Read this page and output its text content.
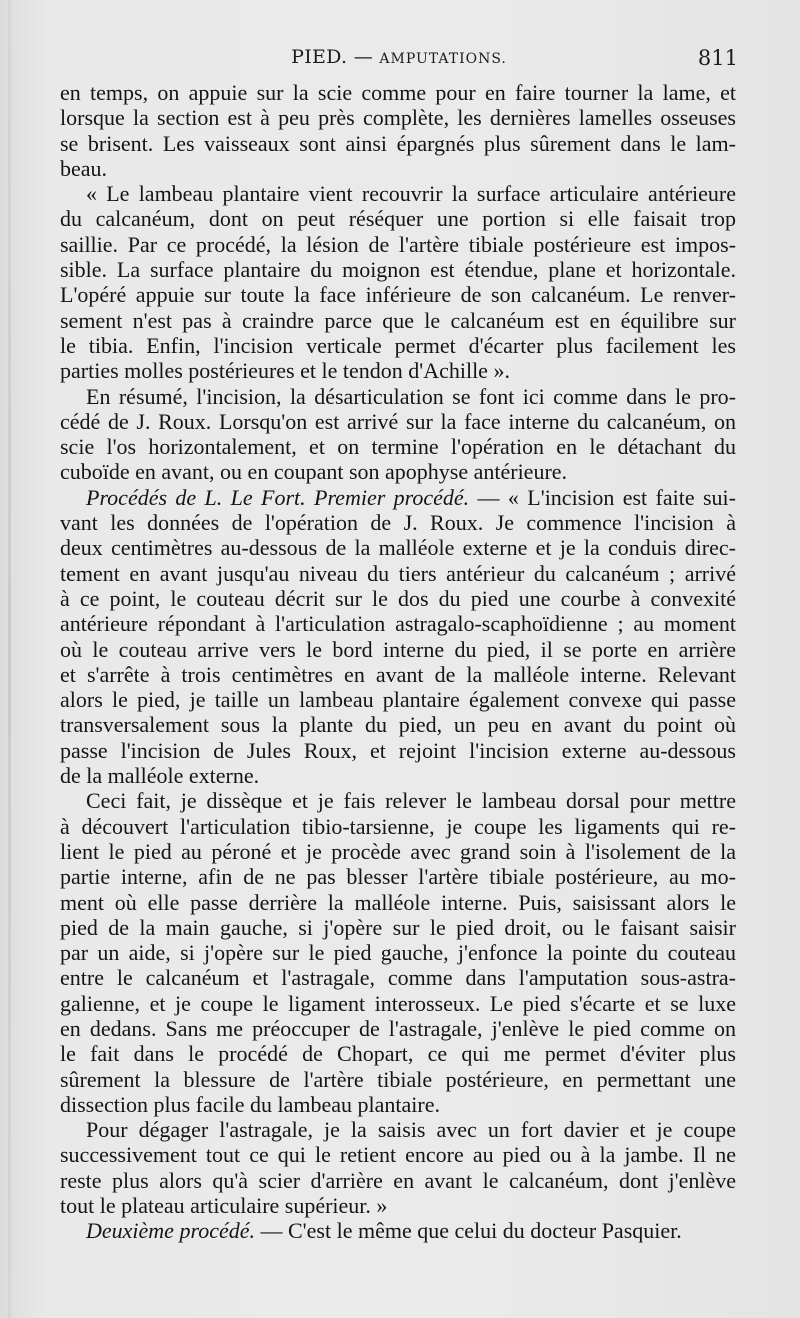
PIED. — AMPUTATIONS.	811
en temps, on appuie sur la scie comme pour en faire tourner la lame, et
lorsque la section est à peu près complète, les dernières lamelles osseuses
se brisent. Les vaisseaux sont ainsi épargnés plus sûrement dans le lam-
beau.
« Le lambeau plantaire vient recouvrir la surface articulaire antérieure
du calcanéum, dont on peut réséquer une portion si elle faisait trop
saillie. Par ce procédé, la lésion de l'artère tibiale postérieure est impos-
sible. La surface plantaire du moignon est étendue, plane et horizontale.
L'opéré appuie sur toute la face inférieure de son calcanéum. Le renver-
sement n'est pas à craindre parce que le calcanéum est en équilibre sur
le tibia. Enfin, l'incision verticale permet d'écarter plus facilement les
parties molles postérieures et le tendon d'Achille ».
En résumé, l'incision, la désarticulation se font ici comme dans le pro-
cédé de J. Roux. Lorsqu'on est arrivé sur la face interne du calcanéum, on
scie l'os horizontalement, et on termine l'opération en le détachant du
cuboïde en avant, ou en coupant son apophyse antérieure.
Procédés de L. Le Fort. Premier procédé. — « L'incision est faite sui-
vant les données de l'opération de J. Roux. Je commence l'incision à
deux centimètres au-dessous de la malléole externe et je la conduis direc-
tement en avant jusqu'au niveau du tiers antérieur du calcanéum ; arrivé
à ce point, le couteau décrit sur le dos du pied une courbe à convexité
antérieure répondant à l'articulation astragalo-scaphoïdienne ; au moment
où le couteau arrive vers le bord interne du pied, il se porte en arrière
et s'arrête à trois centimètres en avant de la malléole interne. Relevant
alors le pied, je taille un lambeau plantaire également convexe qui passe
transversalement sous la plante du pied, un peu en avant du point où
passe l'incision de Jules Roux, et rejoint l'incision externe au-dessous
de la malléole externe.
Ceci fait, je dissèque et je fais relever le lambeau dorsal pour mettre
à découvert l'articulation tibio-tarsienne, je coupe les ligaments qui re-
lient le pied au péroné et je procède avec grand soin à l'isolement de la
partie interne, afin de ne pas blesser l'artère tibiale postérieure, au mo-
ment où elle passe derrière la malléole interne. Puis, saisissant alors le
pied de la main gauche, si j'opère sur le pied droit, ou le faisant saisir
par un aide, si j'opère sur le pied gauche, j'enfonce la pointe du couteau
entre le calcanéum et l'astragale, comme dans l'amputation sous-astra-
galienne, et je coupe le ligament interosseux. Le pied s'écarte et se luxe
en dedans. Sans me préoccuper de l'astragale, j'enlève le pied comme on
le fait dans le procédé de Chopart, ce qui me permet d'éviter plus
sûrement la blessure de l'artère tibiale postérieure, en permettant une
dissection plus facile du lambeau plantaire.
Pour dégager l'astragale, je la saisis avec un fort davier et je coupe
successivement tout ce qui le retient encore au pied ou à la jambe. Il ne
reste plus alors qu'à scier d'arrière en avant le calcanéum, dont j'enlève
tout le plateau articulaire supérieur. »
Deuxième procédé. — C'est le même que celui du docteur Pasquier.
